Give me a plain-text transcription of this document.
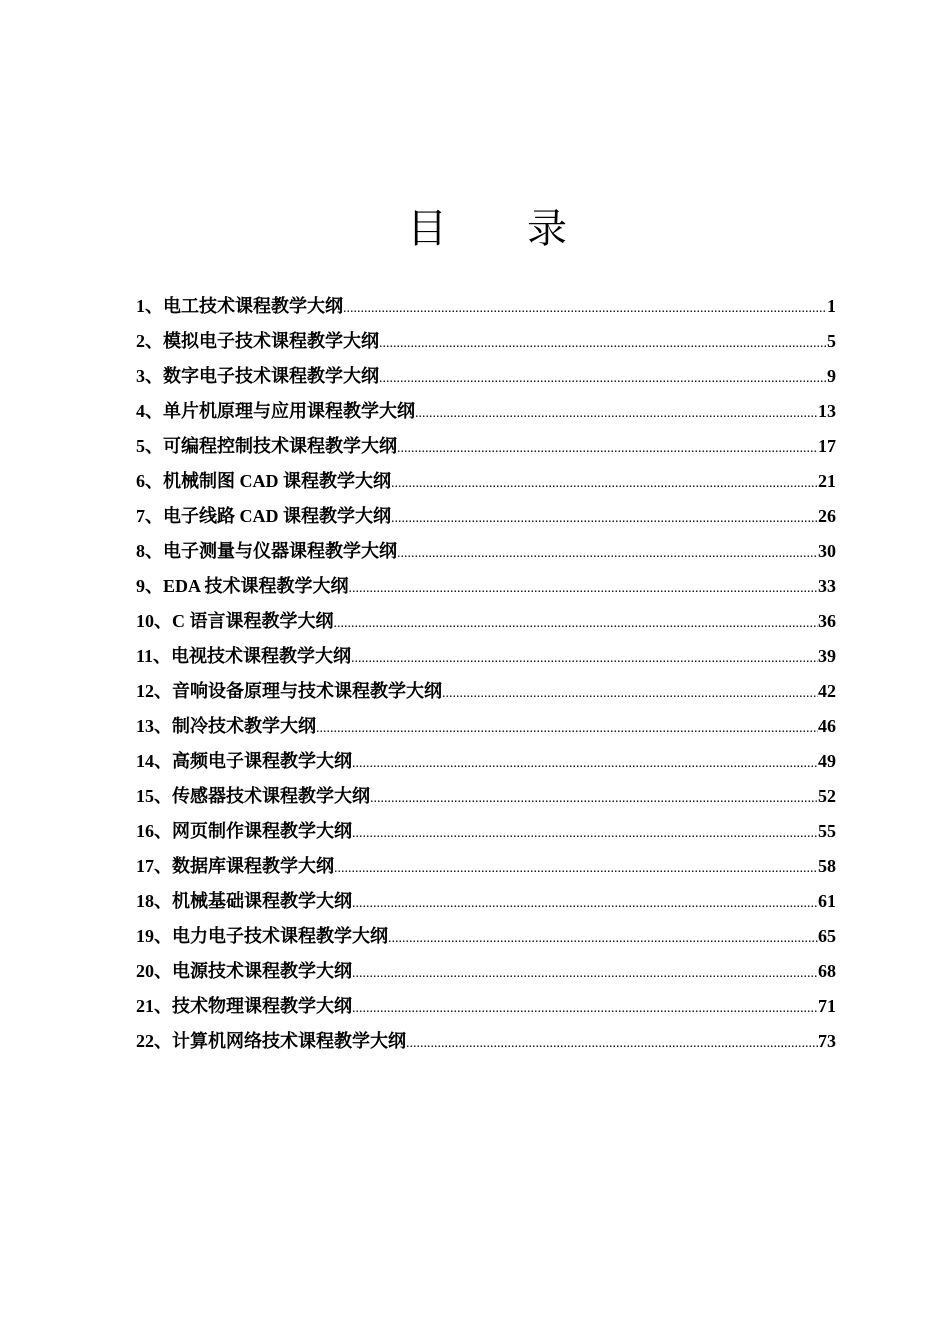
目 录
1、电工技术课程教学大纲 .....	1
2、模拟电子技术课程教学大纲 .....	5
3、数字电子技术课程教学大纲 .....	9
4、单片机原理与应用课程教学大纲 .....	13
5、可编程控制技术课程教学大纲 .....	17
6、机械制图 CAD 课程教学大纲 .....	21
7、电子线路 CAD 课程教学大纲 .....	26
8、电子测量与仪器课程教学大纲 .....	30
9、EDA 技术课程教学大纲 .....	33
10、C 语言课程教学大纲 .....	36
11、电视技术课程教学大纲 .....	39
12、音响设备原理与技术课程教学大纲 .....	42
13、制冷技术教学大纲 .....	46
14、高频电子课程教学大纲 .....	49
15、传感器技术课程教学大纲 .....	52
16、网页制作课程教学大纲 .....	55
17、数据库课程教学大纲 .....	58
18、机械基础课程教学大纲 .....	61
19、电力电子技术课程教学大纲 .....	65
20、电源技术课程教学大纲 .....	68
21、技术物理课程教学大纲 .....	71
22、计算机网络技术课程教学大纲 .....	73
